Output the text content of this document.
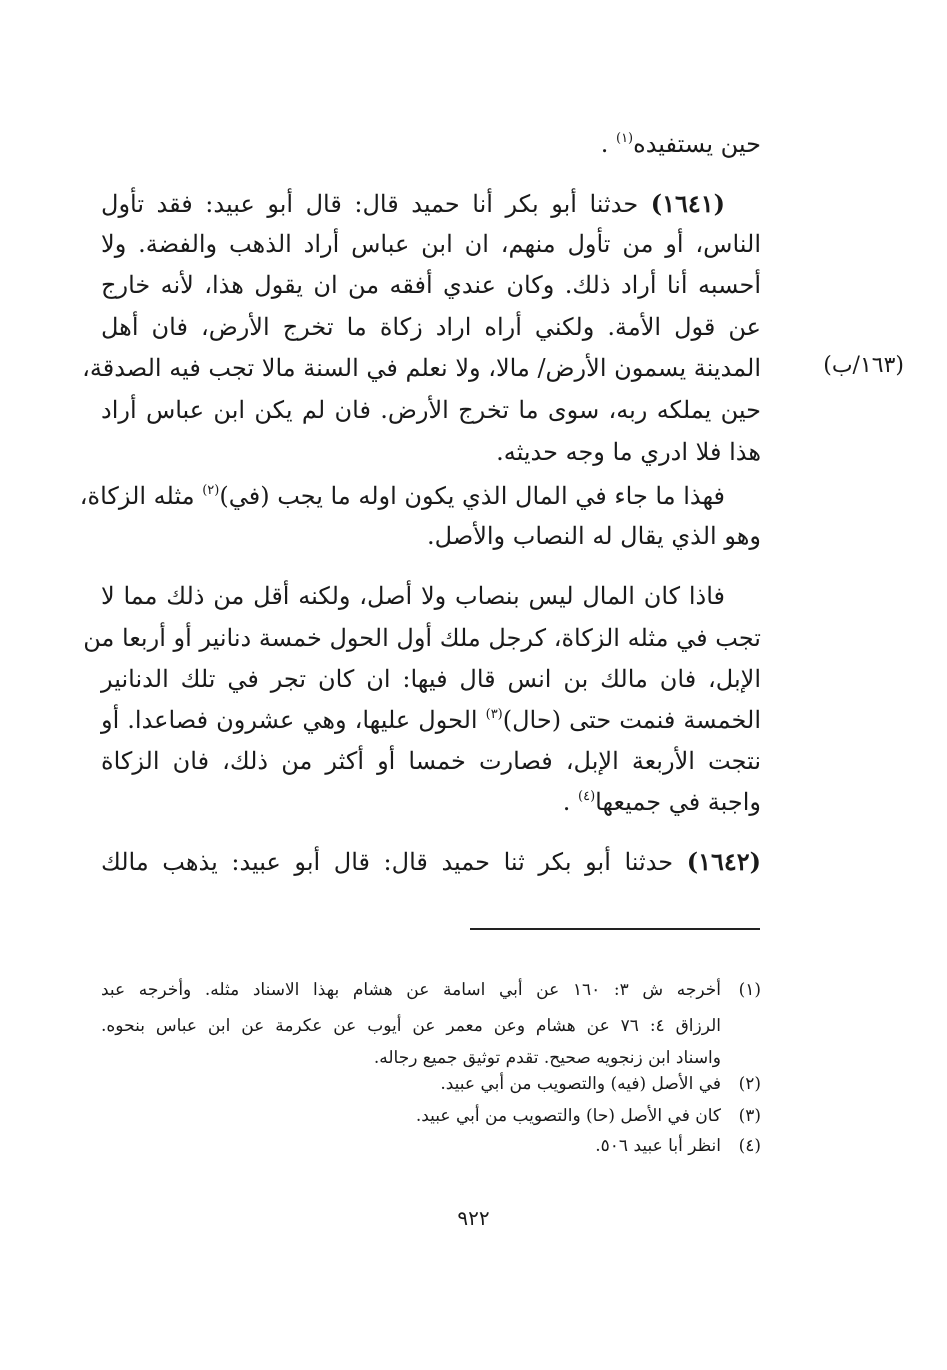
حين يستفيده$^{(١)}$ .
(١٦٤١) حدثنا أبو بكر أنا حميد قال: قال أبو عبيد: فقد تأول
الناس، أو من تأول منهم، ان ابن عباس أراد الذهب والفضة. ولا
أحسبه أنا أراد ذلك. وكان عندي أفقه من ان يقول هذا، لأنه خارج
عن قول الأمة. ولكني أراه اراد زكاة ما تخرج الأرض، فان أهل
المدينة يسمون الأرض/ مالا، ولا نعلم في السنة مالا تجب فيه الصدقة،
حين يملكه ربه، سوى ما تخرج الأرض. فان لم يكن ابن عباس أراد
هذا فلا ادري ما وجه حديثه.
(١٦٣/ب)
فهذا ما جاء في المال الذي يكون اوله ما يجب (في)$^{(٢)}$ مثله الزكاة،
وهو الذي يقال له النصاب والأصل.
فاذا كان المال ليس بنصاب ولا أصل، ولكنه أقل من ذلك مما لا
تجب في مثله الزكاة، كرجل ملك أول الحول خمسة دنانير أو أربعا من
الإبل، فان مالك بن انس قال فيها: ان كان تجر في تلك الدنانير
الخمسة فنمت حتى (حال)$^{(٣)}$ الحول عليها، وهي عشرون فصاعدا. أو
نتجت الأربعة الإبل، فصارت خمسا أو أكثر من ذلك، فان الزكاة
واجبة في جميعها$^{(٤)}$ .
(١٦٤٢) حدثنا أبو بكر ثنا حميد قال: قال أبو عبيد: يذهب مالك
(١)أخرجه ش ٣: ١٦٠ عن أبي اسامة عن هشام بهذا الاسناد مثله. وأخرجه عبد
الرزاق ٤: ٧٦ عن هشام وعن معمر عن أيوب عن عكرمة عن ابن عباس بنحوه.
واسناد ابن زنجويه صحيح. تقدم توثيق جميع رجاله.
(٢)في الأصل (فيه) والتصويب من أبي عبيد.
(٣)كان في الأصل (حا) والتصويب من أبي عبيد.
(٤)انظر أبا عبيد ٥٠٦.
٩٢٢
